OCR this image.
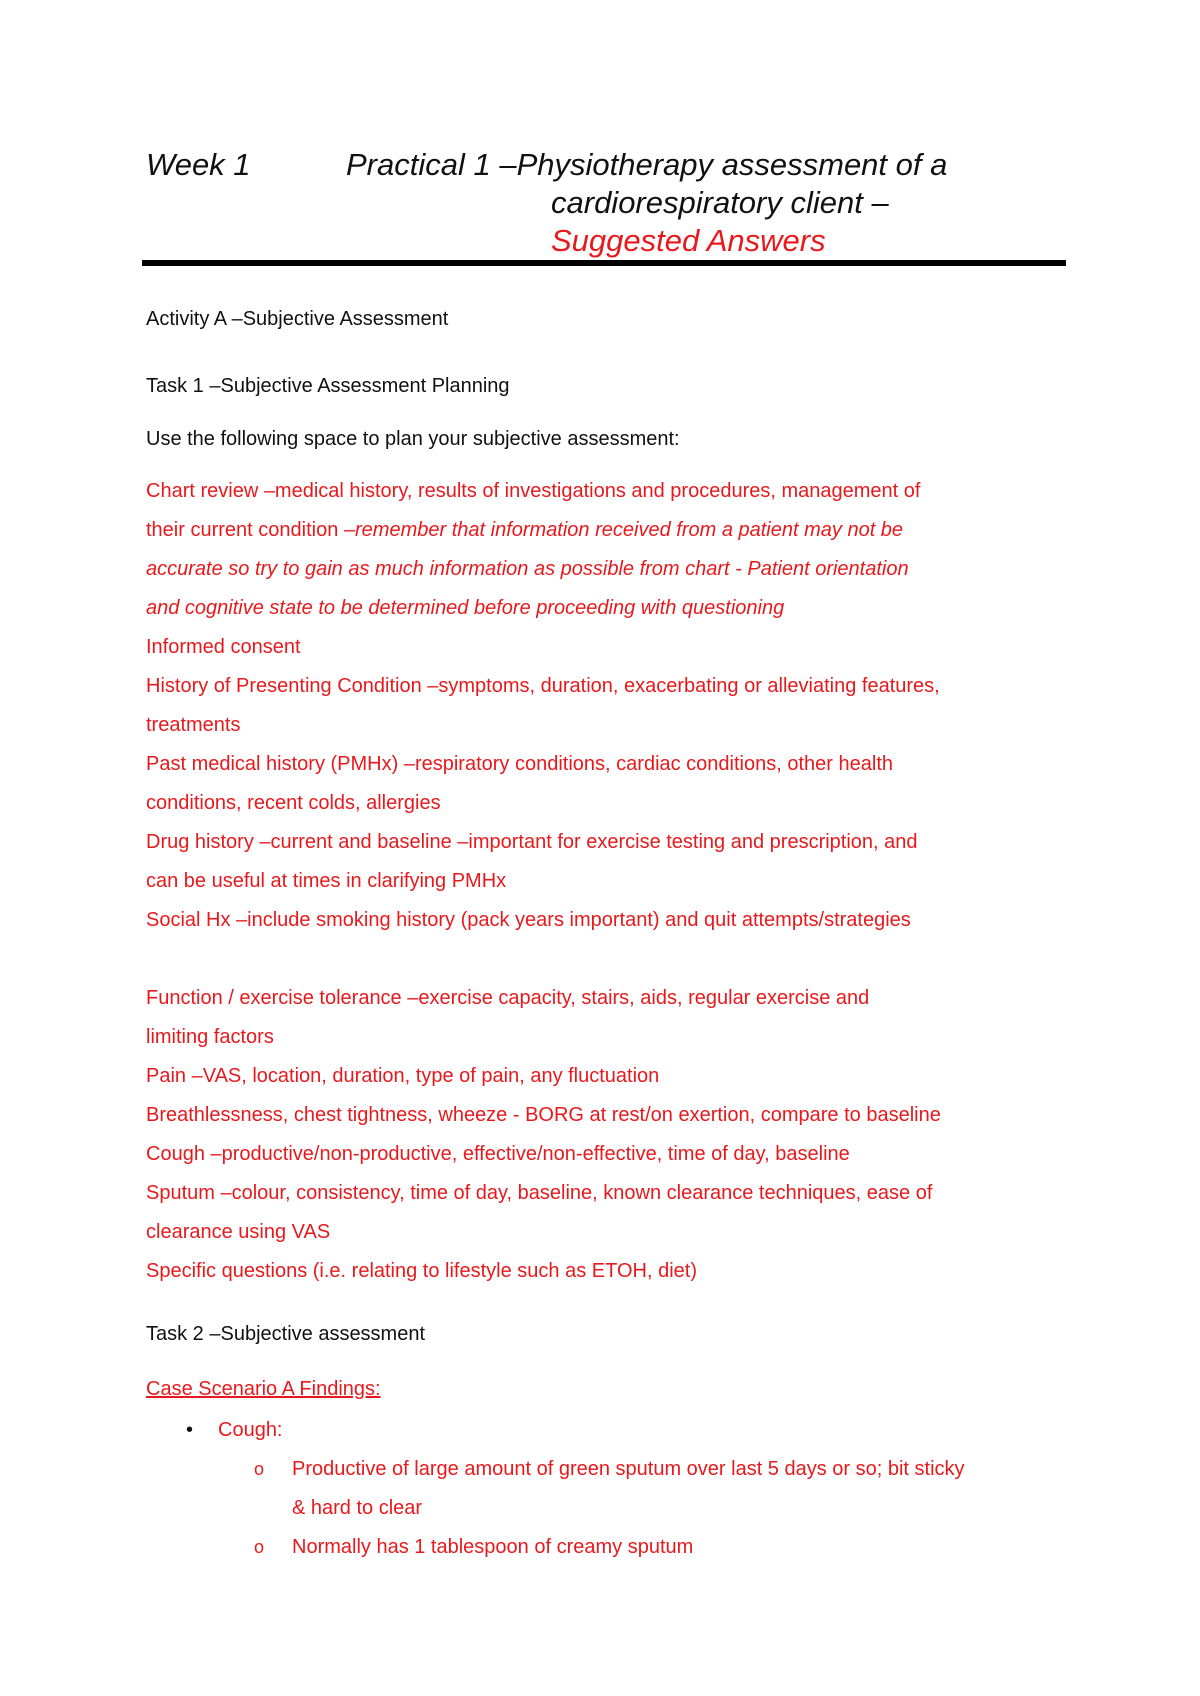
Week 1	Practical 1 –Physiotherapy assessment of a
cardiorespiratory client –
Suggested Answers
Activity A –Subjective Assessment
Task 1 –Subjective Assessment Planning
Use the following space to plan your subjective assessment:
Chart review –medical history, results of investigations and procedures, management of
their current condition –remember that information received from a patient may not be
accurate so try to gain as much information as possible from chart - Patient orientation
and cognitive state to be determined before proceeding with questioning
Informed consent
History of Presenting Condition –symptoms, duration, exacerbating or alleviating features,
treatments
Past medical history (PMHx) –respiratory conditions, cardiac conditions, other health
conditions, recent colds, allergies
Drug history –current and baseline –important for exercise testing and prescription, and
can be useful at times in clarifying PMHx
Social Hx –include smoking history (pack years important) and quit attempts/strategies
Function / exercise tolerance –exercise capacity, stairs, aids, regular exercise and
limiting factors
Pain –VAS, location, duration, type of pain, any fluctuation
Breathlessness, chest tightness, wheeze - BORG at rest/on exertion, compare to baseline
Cough –productive/non-productive, effective/non-effective, time of day, baseline
Sputum –colour, consistency, time of day, baseline, known clearance techniques, ease of
clearance using VAS
Specific questions (i.e. relating to lifestyle such as ETOH, diet)
Task 2 –Subjective assessment
Case Scenario A Findings:
• Cough:
o Productive of large amount of green sputum over last 5 days or so; bit sticky
& hard to clear
o Normally has 1 tablespoon of creamy sputum
